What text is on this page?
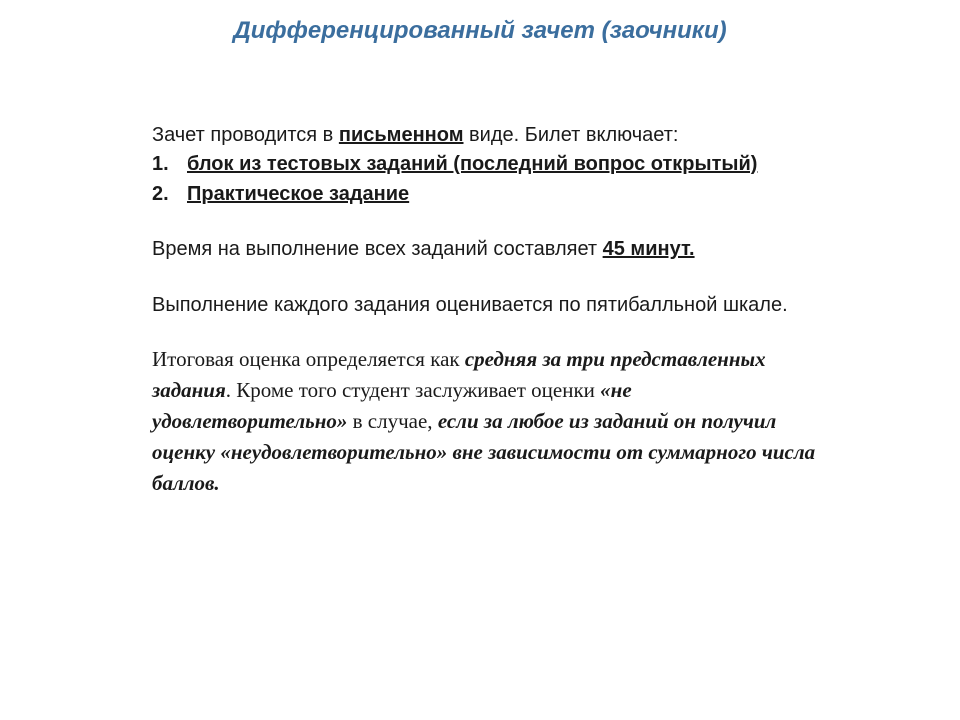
Дифференцированный зачет (заочники)

Зачет проводится в письменном виде. Билет включает:

1. блок из тестовых заданий (последний вопрос открытый)
2. Практическое задание

Время на выполнение всех заданий составляет 45 минут.

Выполнение каждого задания оценивается по пятибалльной шкале.

Итоговая оценка определяется как средняя за три представленных задания. Кроме того студент заслуживает оценки «не удовлетворительно» в случае, если за любое из заданий он получил оценку «неудовлетворительно» вне зависимости от суммарного числа баллов.
